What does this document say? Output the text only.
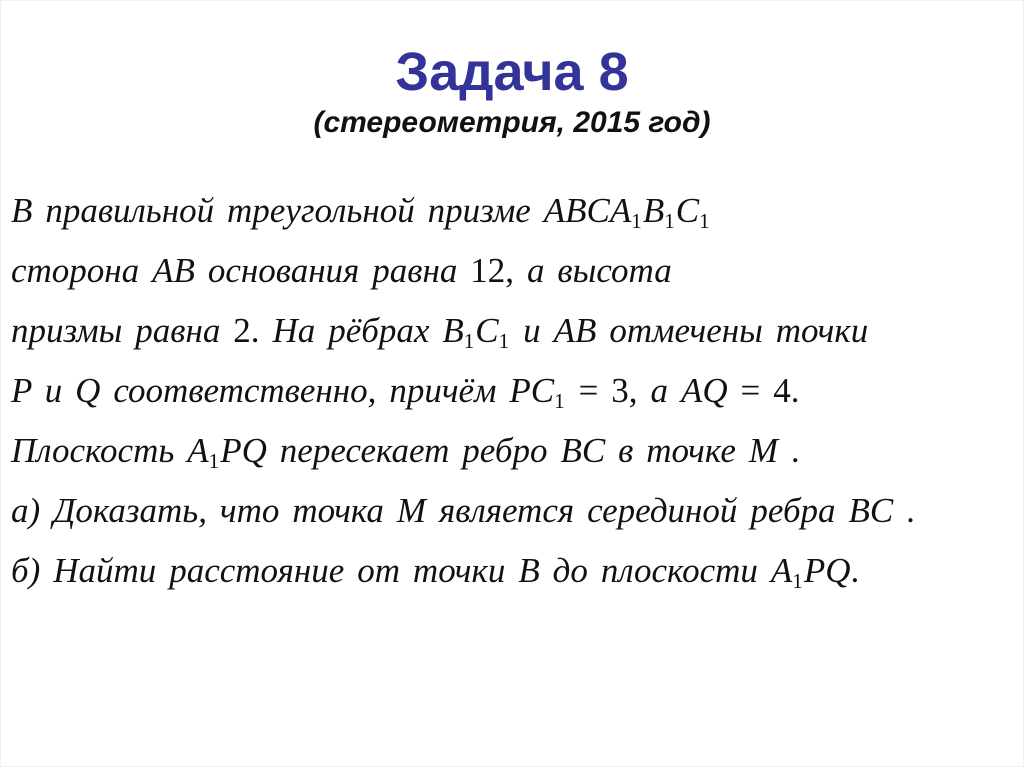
Задача 8
(стереометрия, 2015 год)
В правильной треугольной призме ABCA1B1C1
сторона AB основания равна 12, а высота
призмы равна 2. На рёбрах B1C1 и AB отмечены точки
P и Q соответственно, причём PC1 = 3, а AQ = 4.
Плоскость A1PQ пересекает ребро BC в точке M .
а) Доказать, что точка M является серединой ребра BC .
б) Найти расстояние от точки B до плоскости A1PQ.
